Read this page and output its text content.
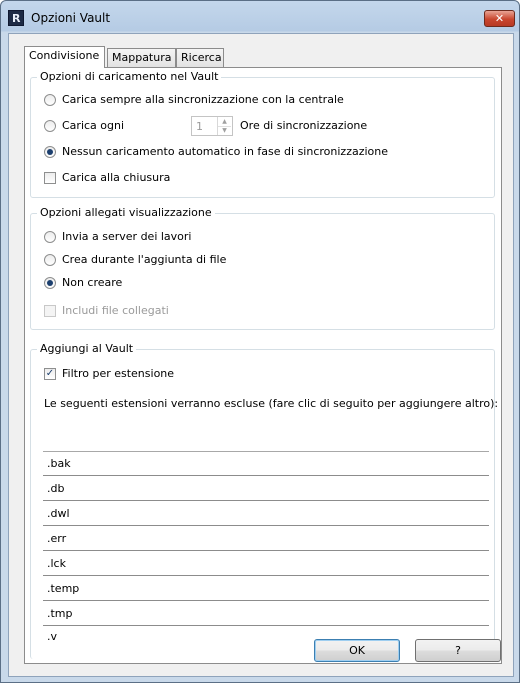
R Opzioni Vault	✕
Condivisione	Mappatura Ricerca
Opzioni di caricamento nel Vault
Carica sempre alla sincronizzazione con la centrale
Carica ogni	1	▲
▼	Ore di sincronizzazione
Nessun caricamento automatico in fase di sincronizzazione
Carica alla chiusura
Opzioni allegati visualizzazione
Invia a server dei lavori
Crea durante l'aggiunta di file
Non creare
Includi file collegati
Aggiungi al Vault
✓ Filtro per estensione
Le seguenti estensioni verranno escluse (fare clic di seguito per aggiungere altro):
.bak
.db
.dwl
.err
.lck
.temp
.tmp
.v
OK	?
